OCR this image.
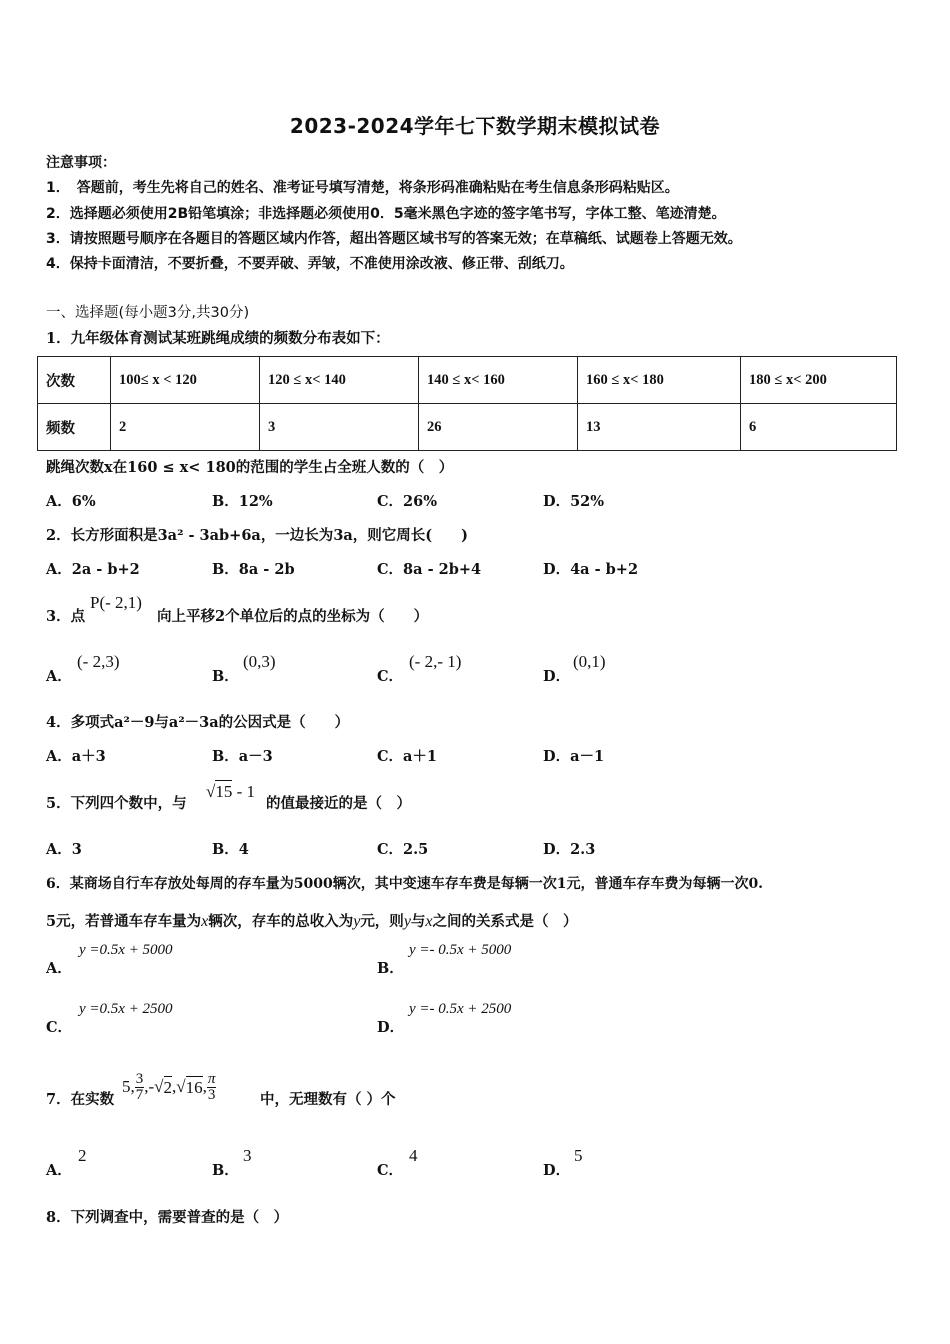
2023-2024学年七下数学期末模拟试卷
注意事项：
1．　答题前，考生先将自己的姓名、准考证号填写清楚，将条形码准确粘贴在考生信息条形码粘贴区。
2．选择题必须使用2B铅笔填涂；非选择题必须使用0．5毫米黑色字迹的签字笔书写，字体工整、笔迹清楚。
3．请按照题号顺序在各题目的答题区域内作答，超出答题区域书写的答案无效；在草稿纸、试题卷上答题无效。
4．保持卡面清洁，不要折叠，不要弄破、弄皱，不准使用涂改液、修正带、刮纸刀。
一、选择题(每小题3分,共30分)
1．九年级体育测试某班跳绳成绩的频数分布表如下：
次数	100≤ x < 120	120 ≤ x< 140	140 ≤ x< 160	160 ≤ x< 180	180 ≤ x< 200
频数	2	3	26	13	6
跳绳次数x在160 ≤ x< 180的范围的学生占全班人数的（　）
A．6%	B．12%	C．26%	D．52%
2．长方形面积是3a² - 3ab+6a，一边长为3a，则它周长(　　)
A．2a - b+2	B．8a - 2b	C．8a - 2b+4	D．4a - b+2
3．点
P(- 2,1)
向上平移2个单位后的点的坐标为（　　）
A．
(- 2,3)
B．
(0,3)
C．
(- 2,- 1)
D．
(0,1)
4．多项式a²－9与a²－3a的公因式是（　　）
A．a＋3	B．a－3	C．a＋1	D．a－1
5．下列四个数中，与
√15 - 1
的值最接近的是（　）
A．3	B．4	C．2.5	D．2.3
6．某商场自行车存放处每周的存车量为5000辆次，其中变速车存车费是每辆一次1元，普通车存车费为每辆一次0.
5元，若普通车存车量为x辆次，存车的总收入为y元，则y与x之间的关系式是（　）
A．
y =0.5x + 5000
B．
y =- 0.5x + 5000
C．
y =0.5x + 2500
D．
y =- 0.5x + 2500
7．在实数
5, $\frac{3}{7}$ ,- √ 2 , √ 16 , $\frac{\pi}{3}$	中，无理数有（ ）个
A．
2
B．
3
C．
4
D．
5
8．下列调查中，需要普查的是（　）
